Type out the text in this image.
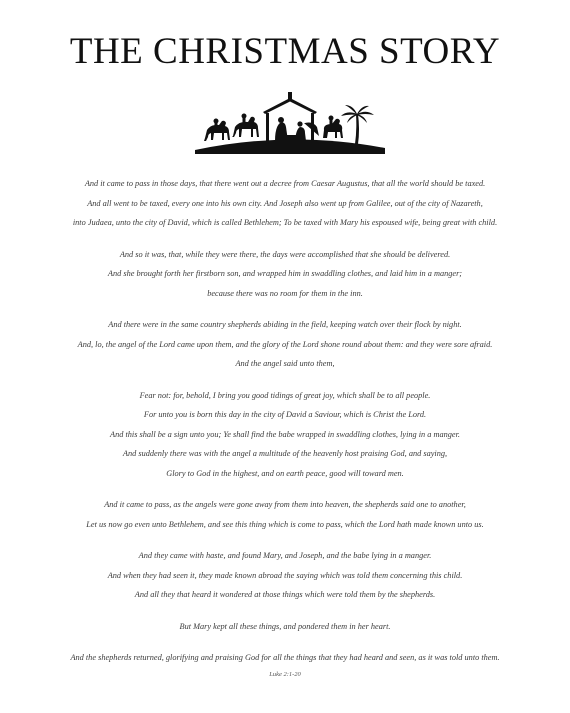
THE CHRISTMAS STORY
And it came to pass in those days, that there went out a decree from Caesar Augustus, that all the world should be taxed.
And all went to be taxed, every one into his own city. And Joseph also went up from Galilee, out of the city of Nazareth,
into Judaea, unto the city of David, which is called Bethlehem; To be taxed with Mary his espoused wife, being great with child.
And so it was, that, while they were there, the days were accomplished that she should be delivered.
And she brought forth her firstborn son, and wrapped him in swaddling clothes, and laid him in a manger;
because there was no room for them in the inn.
And there were in the same country shepherds abiding in the field, keeping watch over their flock by night.
And, lo, the angel of the Lord came upon them, and the glory of the Lord shone round about them: and they were sore afraid.
And the angel said unto them,
Fear not: for, behold, I bring you good tidings of great joy, which shall be to all people.
For unto you is born this day in the city of David a Saviour, which is Christ the Lord.
And this shall be a sign unto you; Ye shall find the babe wrapped in swaddling clothes, lying in a manger.
And suddenly there was with the angel a multitude of the heavenly host praising God, and saying,
Glory to God in the highest, and on earth peace, good will toward men.
And it came to pass, as the angels were gone away from them into heaven, the shepherds said one to another,
Let us now go even unto Bethlehem, and see this thing which is come to pass, which the Lord hath made known unto us.
And they came with haste, and found Mary, and Joseph, and the babe lying in a manger.
And when they had seen it, they made known abroad the saying which was told them concerning this child.
And all they that heard it wondered at those things which were told them by the shepherds.
But Mary kept all these things, and pondered them in her heart.
And the shepherds returned, glorifying and praising God for all the things that they had heard and seen, as it was told unto them.
Luke 2:1-20
